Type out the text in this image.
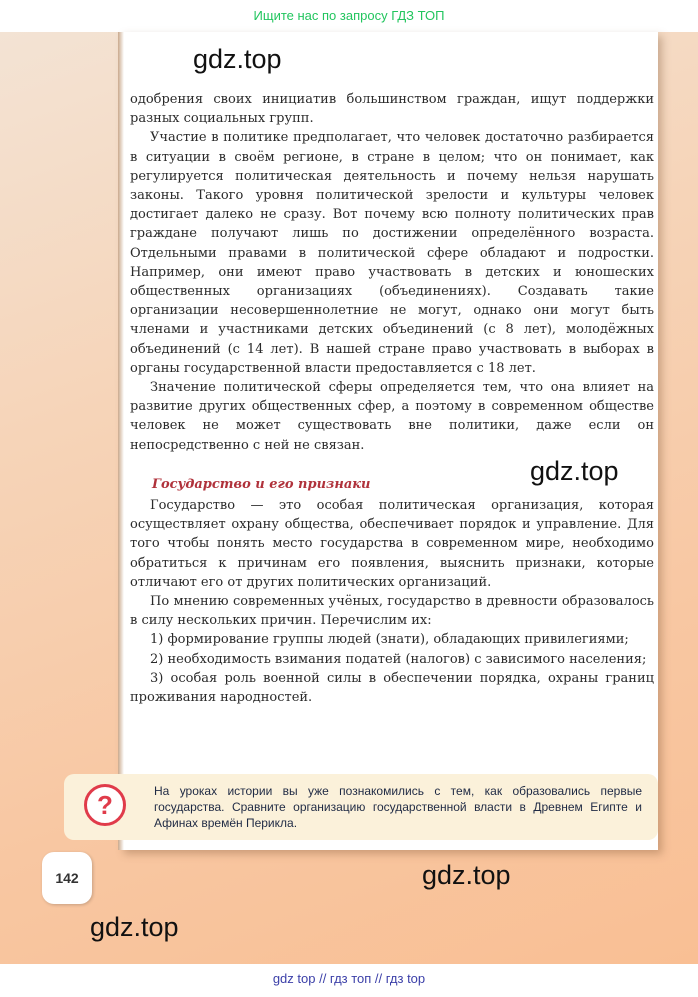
Ищите нас по запросу ГДЗ ТОП
gdz.top

одобрения своих инициатив большинством граждан, ищут поддержки разных социальных групп.

Участие в политике предполагает, что человек достаточно разбирается в ситуации в своём регионе, в стране в целом; что он понимает, как регулируется политическая деятельность и почему нельзя нарушать законы. Такого уровня политической зрелости и культуры человек достигает далеко не сразу. Вот почему всю полноту политических прав граждане получают лишь по достижении определённого возраста. Отдельными правами в политической сфере обладают и подростки. Например, они имеют право участвовать в детских и юношеских общественных организациях (объединениях). Создавать такие организации несовершеннолетние не могут, однако они могут быть членами и участниками детских объединений (с 8 лет), молодёжных объединений (с 14 лет). В нашей стране право участвовать в выборах в органы государственной власти предоставляется с 18 лет.

Значение политической сферы определяется тем, что она влияет на развитие других общественных сфер, а поэтому в современном обществе человек не может существовать вне политики, даже если он непосредственно с ней не связан.

Государство и его признаки

Государство — это особая политическая организация, которая осуществляет охрану общества, обеспечивает порядок и управление. Для того чтобы понять место государства в современном мире, необходимо обратиться к причинам его появления, выяснить признаки, которые отличают его от других политических организаций.

По мнению современных учёных, государство в древности образовалось в силу нескольких причин. Перечислим их:

1) формирование группы людей (знати), обладающих привилегиями;

2) необходимость взимания податей (налогов) с зависимого населения;

3) особая роль военной силы в обеспечении порядка, охраны границ проживания народностей.

gdz.top
?	На уроках истории вы уже познакомились с тем, как образовались первые государства. Сравните организацию государственной власти в Древнем Египте и Афинах времён Перикла.
142	gdz.top
gdz.top
gdz top // гдз топ // гдз top
